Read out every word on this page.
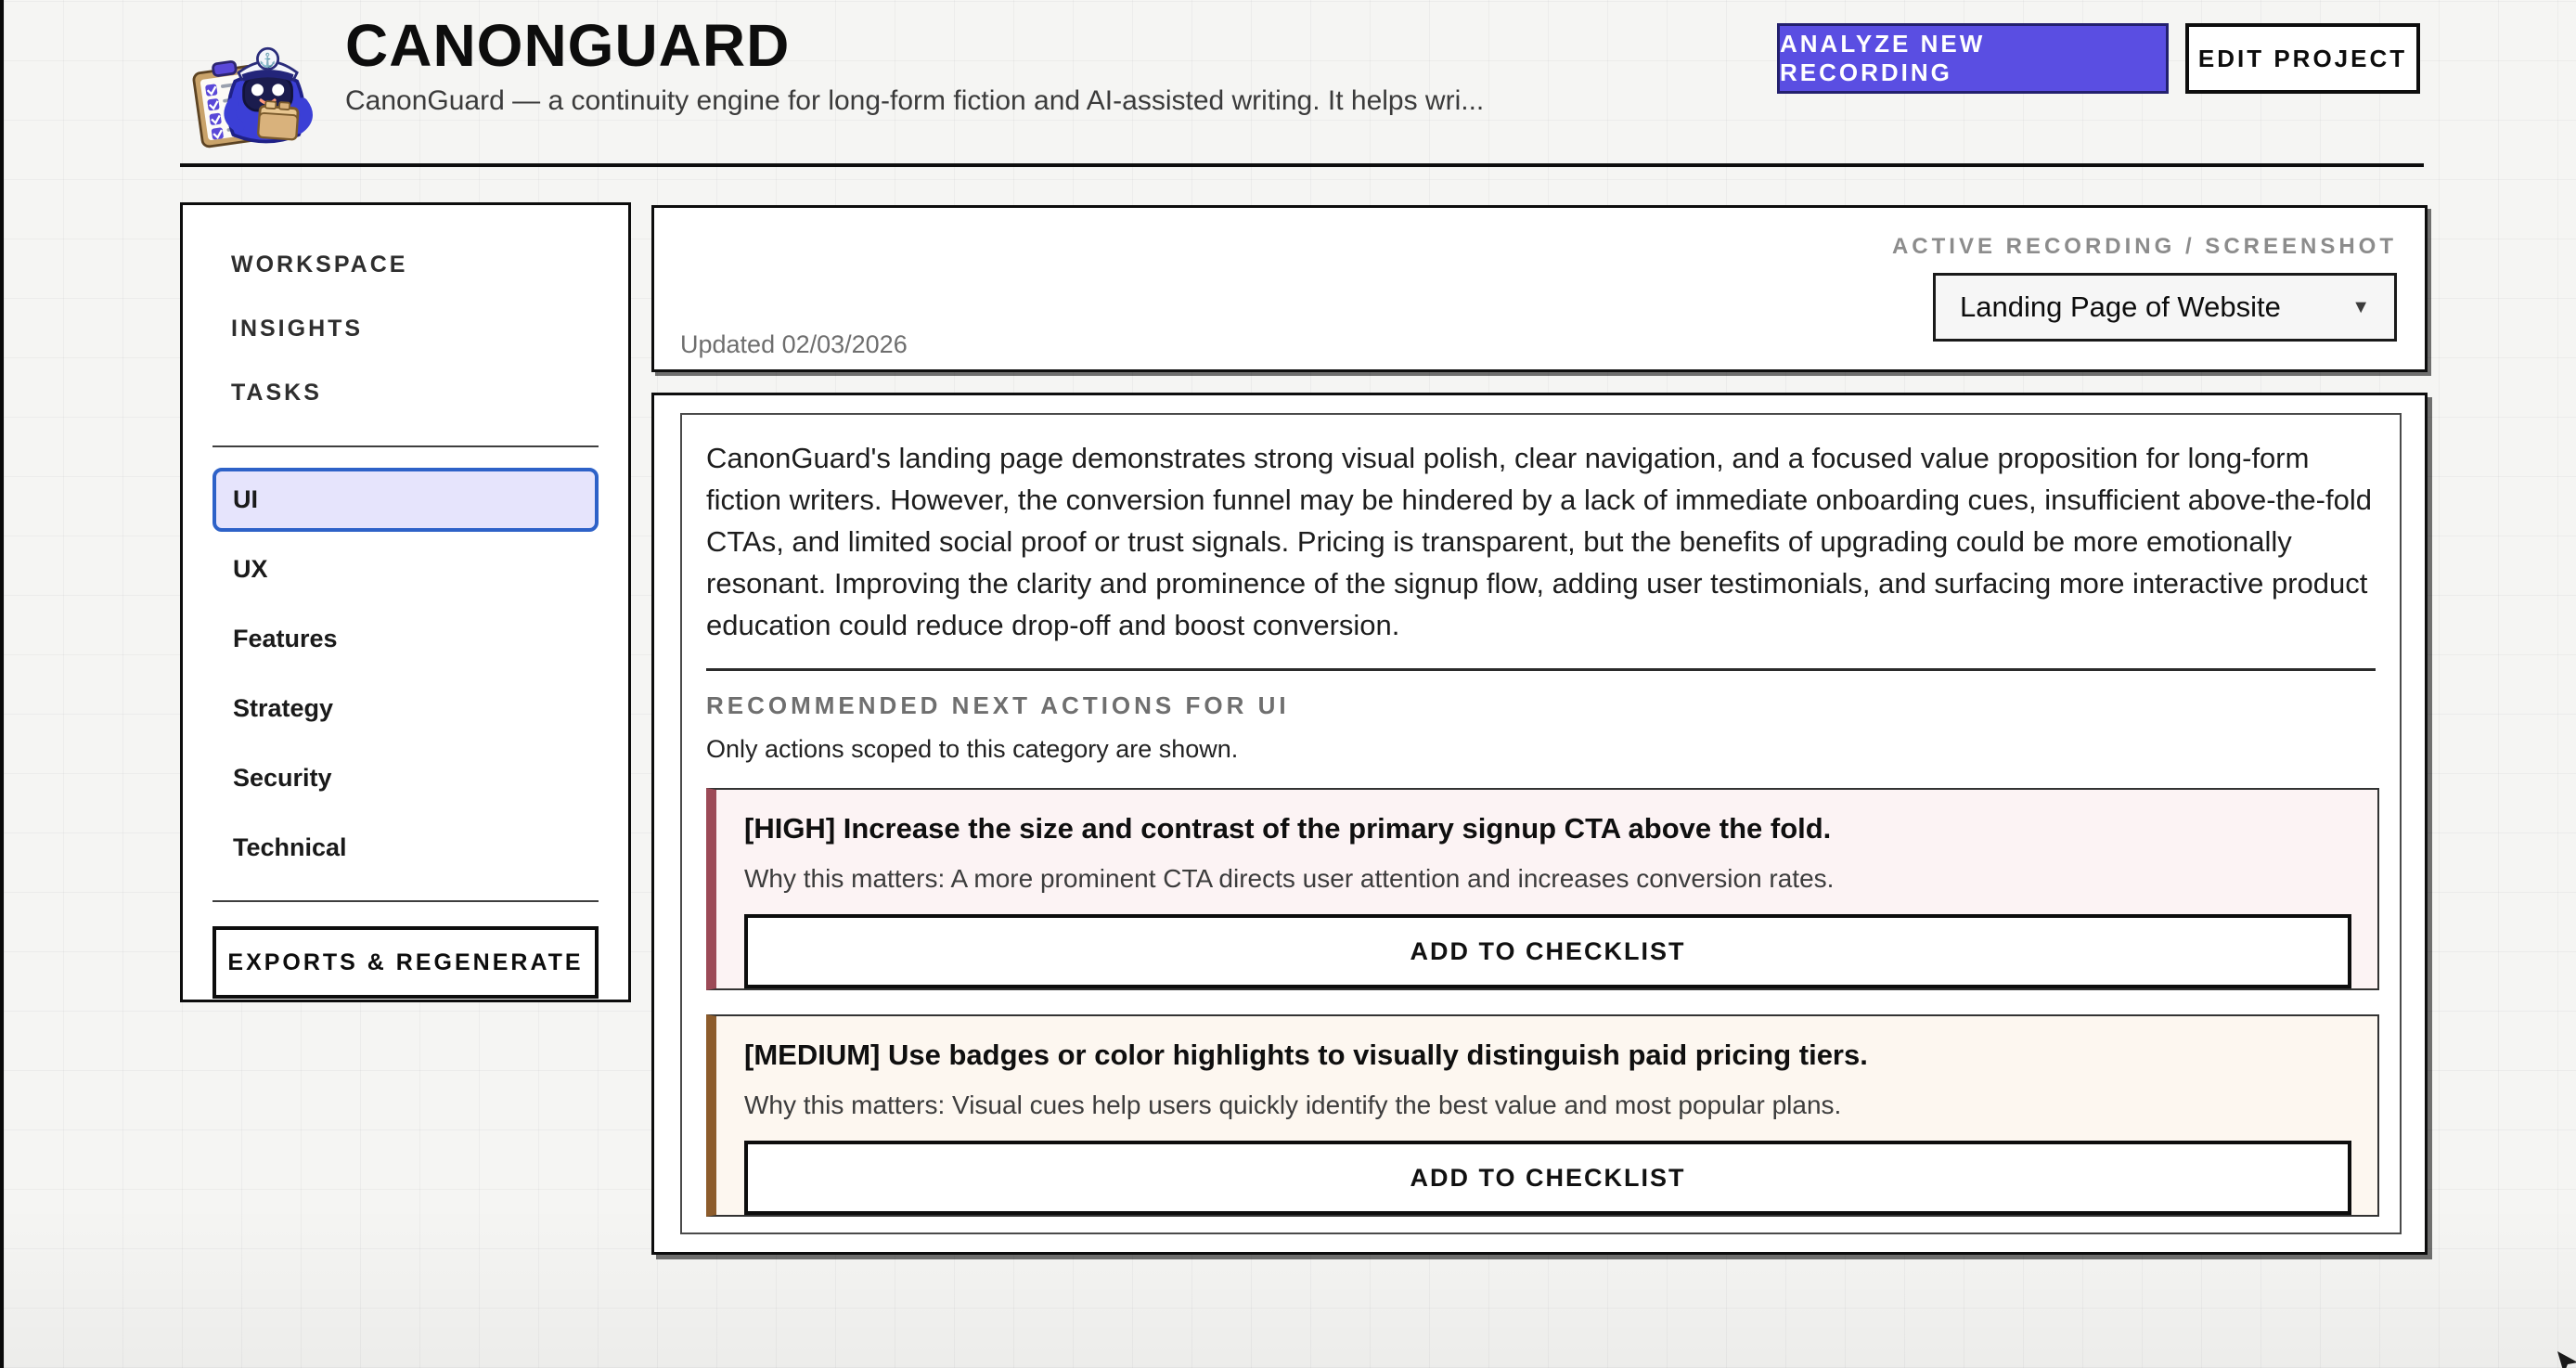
⚓ CANONGUARD
CanonGuard — a continuity engine for long-form fiction and AI-assisted writing. It helps wri...
ANALYZE NEW RECORDING
EDIT PROJECT
WORKSPACE
INSIGHTS
TASKS
UI
UX
Features
Strategy
Security
Technical
EXPORTS & REGENERATE
ACTIVE RECORDING / SCREENSHOT
Landing Page of Website	▼
Updated 02/03/2026
CanonGuard's landing page demonstrates strong visual polish, clear navigation, and a focused value proposition for long-form fiction writers. However, the conversion funnel may be hindered by a lack of immediate onboarding cues, insufficient above-the-fold CTAs, and limited social proof or trust signals. Pricing is transparent, but the benefits of upgrading could be more emotionally resonant. Improving the clarity and prominence of the signup flow, adding user testimonials, and surfacing more interactive product education could reduce drop-off and boost conversion.
RECOMMENDED NEXT ACTIONS FOR UI
Only actions scoped to this category are shown.
[HIGH] Increase the size and contrast of the primary signup CTA above the fold.
Why this matters: A more prominent CTA directs user attention and increases conversion rates.
ADD TO CHECKLIST
[MEDIUM] Use badges or color highlights to visually distinguish paid pricing tiers.
Why this matters: Visual cues help users quickly identify the best value and most popular plans.
ADD TO CHECKLIST
